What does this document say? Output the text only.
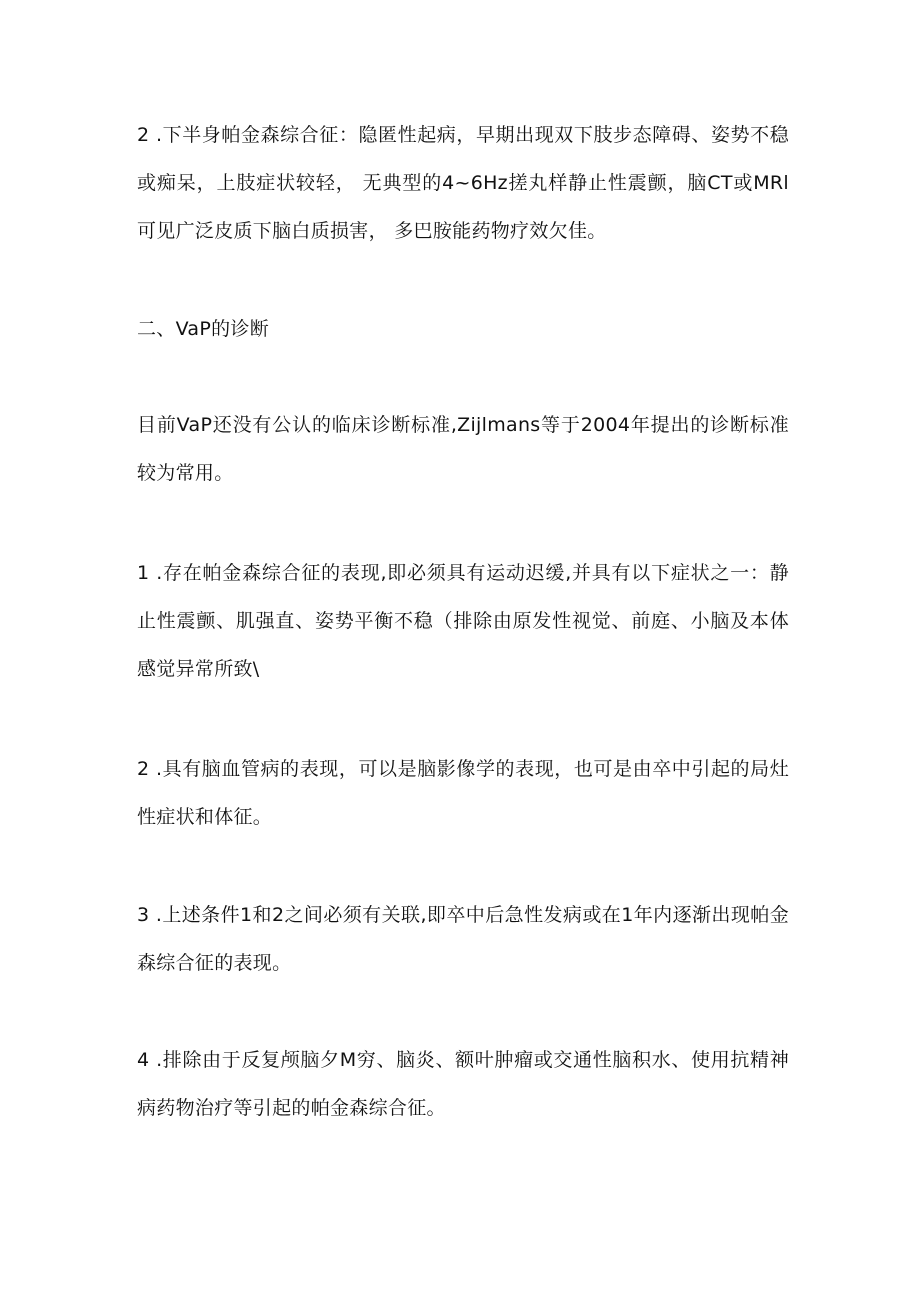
2 .下半身帕金森综合征：隐匿性起病，早期出现双下肢步态障碍、姿势不稳或痴呆，上肢症状较轻， 无典型的4~6Hz搓丸样静止性震颤，脑CT或MRl可见广泛皮质下脑白质损害， 多巴胺能药物疗效欠佳。

二、VaP的诊断

目前VaP还没有公认的临床诊断标准,Zijlmans等于2004年提出的诊断标准较为常用。

1 .存在帕金森综合征的表现,即必须具有运动迟缓,并具有以下症状之一：静止性震颤、肌强直、姿势平衡不稳（排除由原发性视觉、前庭、小脑及本体感觉异常所致\

2 .具有脑血管病的表现，可以是脑影像学的表现，也可是由卒中引起的局灶性症状和体征。

3 .上述条件1和2之间必须有关联,即卒中后急性发病或在1年内逐渐出现帕金森综合征的表现。

4 .排除由于反复颅脑夕M穷、脑炎、额叶肿瘤或交通性脑积水、使用抗精神病药物治疗等引起的帕金森综合征。
